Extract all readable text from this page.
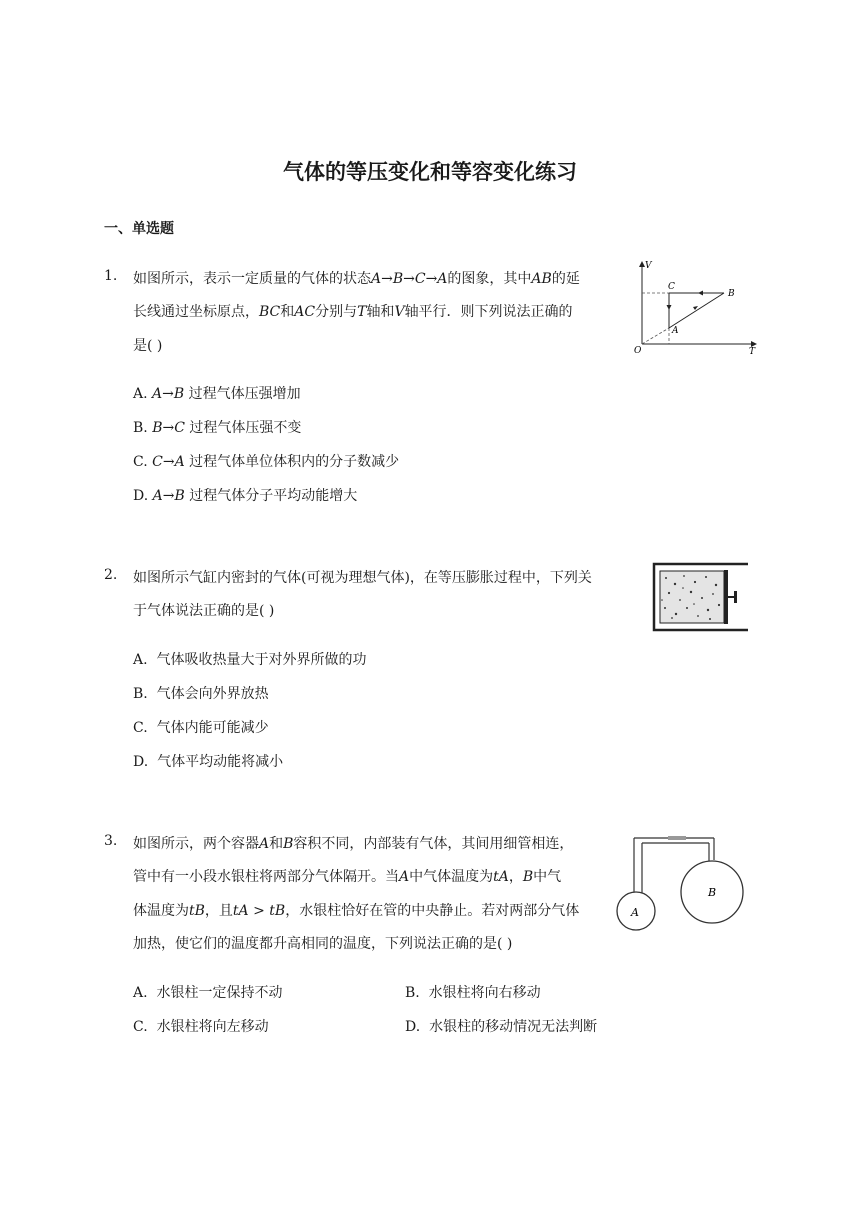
气体的等压变化和等容变化练习
一、单选题
1. 如图所示，表示一定质量的气体的状态A→B→C→A的图象，其中AB的延
长线通过坐标原点，BC和AC分别与T轴和V轴平行．则下列说法正确的
是( )
V
T
O
A
B
C
A. A→B 过程气体压强增加
B. B→C 过程气体压强不变
C. C→A 过程气体单位体积内的分子数减少
D. A→B 过程气体分子平均动能增大
2. 如图所示气缸内密封的气体(可视为理想气体)，在等压膨胀过程中，下列关
于气体说法正确的是( )
A. 气体吸收热量大于对外界所做的功
B. 气体会向外界放热
C. 气体内能可能减少
D. 气体平均动能将减小
3. 如图所示，两个容器A和B容积不同，内部装有气体，其间用细管相连，
管中有一小段水银柱将两部分气体隔开。当A中气体温度为tA，B中气
体温度为tB，且tA > tB，水银柱恰好在管的中央静止。若对两部分气体
加热，使它们的温度都升高相同的温度，下列说法正确的是( )
A
B
A. 水银柱一定保持不动	B. 水银柱将向右移动
C. 水银柱将向左移动	D. 水银柱的移动情况无法判断
